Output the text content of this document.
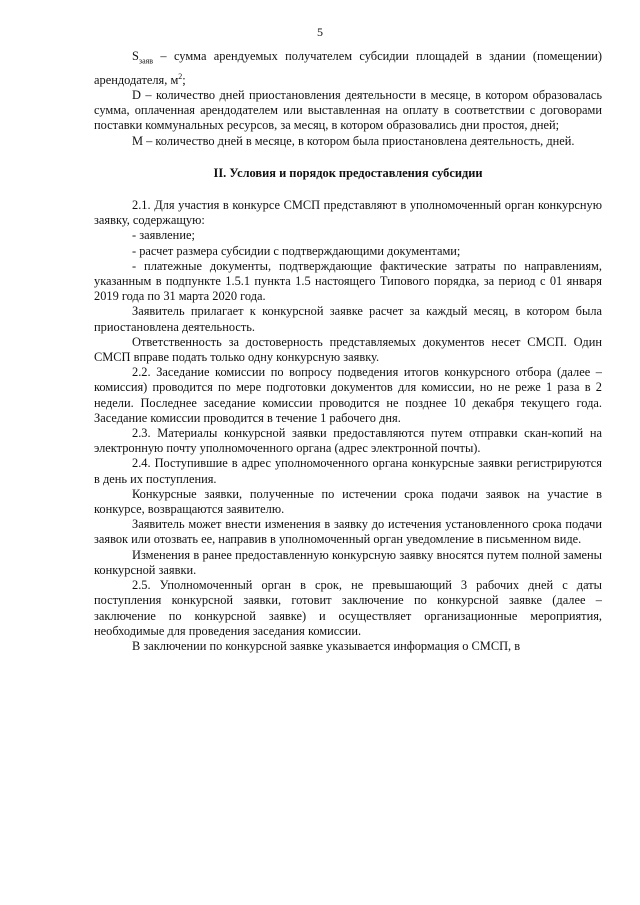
5

$S_{заяв}$ – сумма арендуемых получателем субсидии площадей в здании (помещении) арендодателя, $м^2$;

D – количество дней приостановления деятельности в месяце, в котором образовалась сумма, оплаченная арендодателем или выставленная на оплату в соответствии с договорами поставки коммунальных ресурсов, за месяц, в котором образовались дни простоя, дней;

М – количество дней в месяце, в котором была приостановлена деятельность, дней.

II. Условия и порядок предоставления субсидии

2.1. Для участия в конкурсе СМСП представляют в уполномоченный орган конкурсную заявку, содержащую:

- заявление;

- расчет размера субсидии с подтверждающими документами;

- платежные документы, подтверждающие фактические затраты по направлениям, указанным в подпункте 1.5.1 пункта 1.5 настоящего Типового порядка, за период с 01 января 2019 года по 31 марта 2020 года.

Заявитель прилагает к конкурсной заявке расчет за каждый месяц, в котором была приостановлена деятельность.

Ответственность за достоверность представляемых документов несет СМСП. Один СМСП вправе подать только одну конкурсную заявку.

2.2. Заседание комиссии по вопросу подведения итогов конкурсного отбора (далее – комиссия) проводится по мере подготовки документов для комиссии, но не реже 1 раза в 2 недели. Последнее заседание комиссии проводится не позднее 10 декабря текущего года. Заседание комиссии проводится в течение 1 рабочего дня.

2.3. Материалы конкурсной заявки предоставляются путем отправки скан-копий на электронную почту уполномоченного органа (адрес электронной почты).

2.4. Поступившие в адрес уполномоченного органа конкурсные заявки регистрируются в день их поступления.

Конкурсные заявки, полученные по истечении срока подачи заявок на участие в конкурсе, возвращаются заявителю.

Заявитель может внести изменения в заявку до истечения установленного срока подачи заявок или отозвать ее, направив в уполномоченный орган уведомление в письменном виде.

Изменения в ранее предоставленную конкурсную заявку вносятся путем полной замены конкурсной заявки.

2.5. Уполномоченный орган в срок, не превышающий 3 рабочих дней с даты поступления конкурсной заявки, готовит заключение по конкурсной заявке (далее – заключение по конкурсной заявке) и осуществляет организационные мероприятия, необходимые для проведения заседания комиссии.

В заключении по конкурсной заявке указывается информация о СМСП, в
